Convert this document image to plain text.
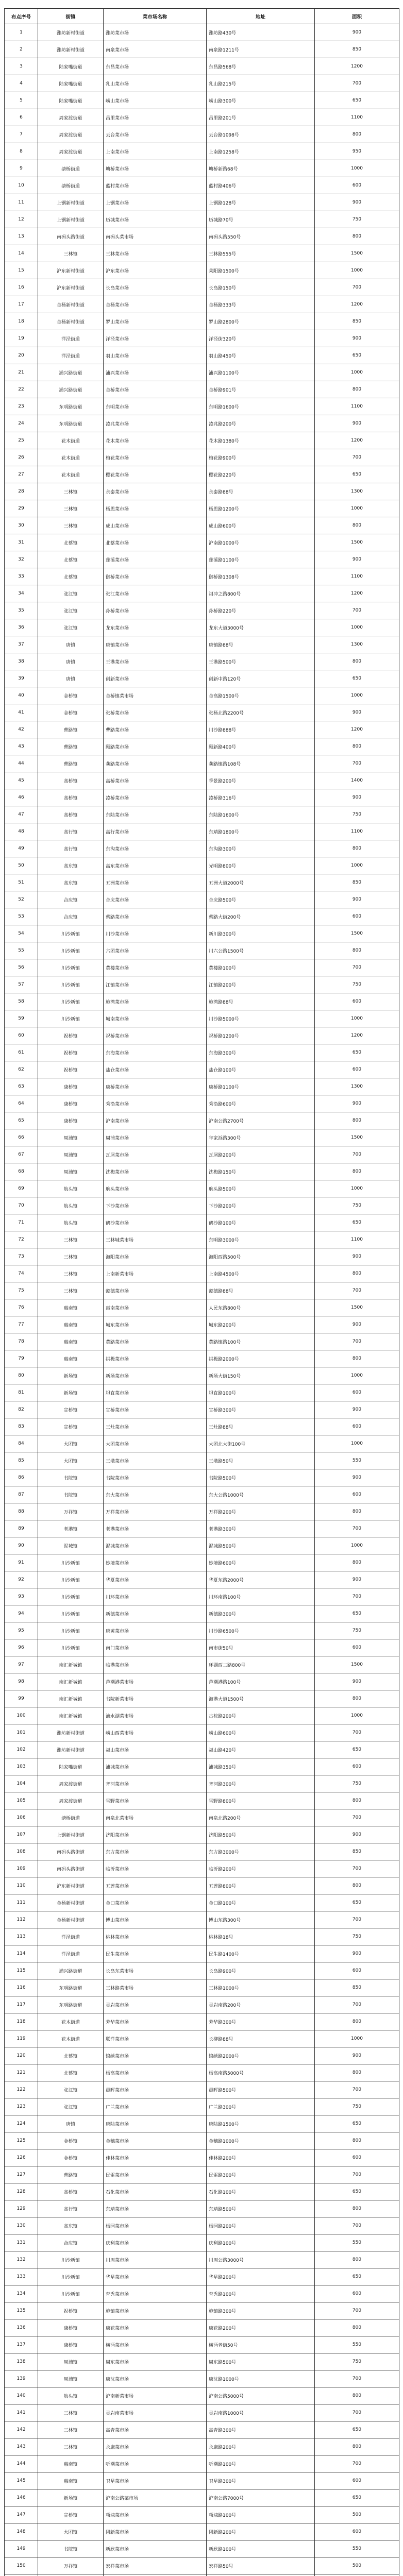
布点序号	街镇	菜市场名称	地址	面积
1	潍坊新村街道	潍坊菜市场	潍坊路430号	900
2	潍坊新村街道	南泉菜市场	南泉路1211号	850
3	陆家嘴街道	东昌菜市场	东昌路568号	1200
4	陆家嘴街道	乳山菜市场	乳山路215号	700
5	陆家嘴街道	崂山菜市场	崂山路300号	650
6	周家渡街道	昌里菜市场	昌里路201号	1100
7	周家渡街道	云台菜市场	云台路1098号	800
8	周家渡街道	上南菜市场	上南路1258号	950
9	塘桥街道	塘桥菜市场	塘桥新路68号	1000
10	塘桥街道	蓝村菜市场	蓝村路406号	600
11	上钢新村街道	上钢菜市场	上钢路128号	900
12	上钢新村街道	历城菜市场	历城路70号	750
13	南码头路街道	南码头菜市场	南码头路550号	800
14	三林镇	三林菜市场	三林路555号	1500
15	沪东新村街道	沪东菜市场	莱阳路1500号	1000
16	沪东新村街道	长岛菜市场	长岛路150号	700
17	金杨新村街道	金杨菜市场	金杨路333号	1200
18	金杨新村街道	罗山菜市场	罗山路2800号	850
19	洋泾街道	洋泾菜市场	洋泾街320号	900
20	洋泾街道	羽山菜市场	羽山路450号	650
21	浦兴路街道	浦兴菜市场	浦兴路1100号	1000
22	浦兴路街道	金桥菜市场	金桥路901号	800
23	东明路街道	东明菜市场	东明路1600号	1100
24	东明路街道	凌兆菜市场	凌兆路200号	900
25	花木街道	花木菜市场	花木路1380号	1200
26	花木街道	梅花菜市场	梅花路900号	700
27	花木街道	樱花菜市场	樱花路220号	650
28	三林镇	永泰菜市场	永泰路88号	1300
29	三林镇	杨思菜市场	杨思路1200号	1000
30	三林镇	成山菜市场	成山路600号	800
31	北蔡镇	北蔡菜市场	沪南路1000号	1500
32	北蔡镇	莲溪菜市场	莲溪路1100号	900
33	北蔡镇	御桥菜市场	御桥路1308号	1100
34	张江镇	张江菜市场	祖冲之路800号	1200
35	张江镇	孙桥菜市场	孙桥路220号	700
36	张江镇	龙东菜市场	龙东大道3000号	1000
37	唐镇	唐镇菜市场	唐镇路88号	1300
38	唐镇	王港菜市场	王港路500号	800
39	唐镇	创新菜市场	创新中路120号	650
40	金桥镇	金桥镇菜市场	金高路1500号	1000
41	金桥镇	张桥菜市场	张杨北路2200号	900
42	曹路镇	曹路菜市场	川沙路888号	1200
43	曹路镇	顾路菜市场	顾新路400号	800
44	曹路镇	龚路菜市场	龚路镇路108号	700
45	高桥镇	高桥菜市场	季景路200号	1400
46	高桥镇	凌桥菜市场	凌桥路316号	900
47	高桥镇	东陆菜市场	东陆路1600号	750
48	高行镇	高行菜市场	东靖路1800号	1100
49	高行镇	东沟菜市场	东沟路300号	800
50	高东镇	高东菜市场	光明路800号	1000
51	高东镇	五洲菜市场	五洲大道2000号	850
52	合庆镇	合庆菜市场	合庆路500号	900
53	合庆镇	蔡路菜市场	蔡路大街200号	600
54	川沙新镇	川沙菜市场	新川路300号	1500
55	川沙新镇	六团菜市场	川六公路1500号	800
56	川沙新镇	黄楼菜市场	黄楼路100号	700
57	川沙新镇	江镇菜市场	江镇路200号	750
58	川沙新镇	施湾菜市场	施湾路88号	600
59	川沙新镇	城南菜市场	川沙路5000号	1000
60	祝桥镇	祝桥菜市场	祝桥路1200号	1200
61	祝桥镇	东海菜市场	东海路300号	650
62	祝桥镇	盐仓菜市场	盐仓路100号	600
63	康桥镇	康桥菜市场	康桥路1100号	1300
64	康桥镇	秀沿菜市场	秀沿路600号	900
65	康桥镇	沪南菜市场	沪南公路2700号	800
66	周浦镇	周浦菜市场	年家浜路300号	1500
67	周浦镇	瓦屑菜市场	瓦屑路200号	700
68	周浦镇	沈梅菜市场	沈梅路150号	800
69	航头镇	航头菜市场	航头路500号	1000
70	航头镇	下沙菜市场	下沙路200号	750
71	航头镇	鹤沙菜市场	鹤沙路100号	650
72	三林镇	三林城菜市场	东明路3000号	1100
73	三林镇	海阳菜市场	海阳西路500号	900
74	三林镇	上南新菜市场	上南路4500号	800
75	三林镇	懿德菜市场	懿德路88号	700
76	惠南镇	惠南菜市场	人民东路800号	1500
77	惠南镇	城东菜市场	城东路200号	900
78	惠南镇	黄路菜市场	黄路镇路100号	700
79	惠南镇	拱极菜市场	拱极路2000号	800
80	新场镇	新场菜市场	新场大街150号	1000
81	新场镇	坦直菜市场	坦直路100号	600
82	宣桥镇	宣桥菜市场	宣桥路300号	900
83	宣桥镇	三灶菜市场	三灶路88号	600
84	大团镇	大团菜市场	大团北大街100号	1000
85	大团镇	三墩菜市场	三墩路50号	550
86	书院镇	书院菜市场	书院路500号	900
87	书院镇	东大菜市场	东大公路1000号	600
88	万祥镇	万祥菜市场	万祥路200号	800
89	老港镇	老港菜市场	老港路300号	700
90	泥城镇	泥城菜市场	泥城路500号	1000
91	川沙新镇	妙境菜市场	妙境路600号	800
92	川沙新镇	华夏菜市场	华夏东路2000号	900
93	川沙新镇	川环菜市场	川环南路100号	700
94	川沙新镇	新德菜市场	新德路300号	650
95	川沙新镇	唐黄菜市场	川沙路6500号	750
96	川沙新镇	南门菜市场	南市街50号	600
97	南汇新城镇	临港菜市场	环湖西二路800号	1500
98	南汇新城镇	芦潮港菜市场	芦潮港路100号	900
99	南汇新城镇	书院新菜市场	海港大道1500号	800
100	南汇新城镇	滴水湖菜市场	古棕路200号	1000
101	潍坊新村街道	崂山西菜市场	崂山路600号	700
102	潍坊新村街道	福山菜市场	福山路420号	650
103	陆家嘴街道	浦城菜市场	浦城路350号	600
104	周家渡街道	齐河菜市场	齐河路300号	750
105	周家渡街道	雪野菜市场	雪野路800号	800
106	塘桥街道	南泉北菜市场	南泉北路200号	700
107	上钢新村街道	济阳菜市场	济阳路500号	900
108	南码头路街道	东方菜市场	东方路3000号	850
109	南码头路街道	临沂菜市场	临沂路200号	700
110	沪东新村街道	五莲菜市场	五莲路800号	800
111	金杨新村街道	金口菜市场	金口路100号	650
112	金杨新村街道	博山菜市场	博山东路300号	700
113	洋泾街道	桃林菜市场	桃林路18号	750
114	洋泾街道	民生菜市场	民生路1400号	900
115	浦兴路街道	长岛东菜市场	长岛路900号	600
116	东明路街道	三林路菜市场	三林路1000号	850
117	东明路街道	灵岩菜市场	灵岩南路200号	700
118	花木街道	芳华菜市场	芳华路300号	800
119	花木街道	联洋菜市场	长柳路88号	1000
120	北蔡镇	锦绣菜市场	锦绣路2000号	900
121	北蔡镇	杨高菜市场	杨高南路5000号	800
122	张江镇	晨晖菜市场	晨晖路500号	700
123	张江镇	广兰菜市场	广兰路300号	750
124	唐镇	唐陆菜市场	唐陆路1500号	650
125	金桥镇	金穗菜市场	金穗路1000号	800
126	金桥镇	佳林菜市场	佳林路200号	600
127	曹路镇	民雷菜市场	民雷路300号	700
128	高桥镇	石化菜市场	石化路100号	650
129	高行镇	东靖菜市场	东靖路500号	800
130	高东镇	杨园菜市场	杨园路200号	700
131	合庆镇	庆利菜市场	庆利路100号	550
132	川沙新镇	川周菜市场	川周公路3000号	800
133	川沙新镇	华星菜市场	华星路200号	650
134	川沙新镇	育秀菜市场	育秀路100号	600
135	祝桥镇	施镇菜市场	施镇路300号	700
136	康桥镇	康花菜市场	康花路200号	800
137	康桥镇	横沔菜市场	横沔老街50号	550
138	周浦镇	周东菜市场	周东路500号	750
139	周浦镇	康沈菜市场	康沈路1000号	700
140	航头镇	沪南新菜市场	沪南公路5000号	800
141	三林镇	灵岩南菜市场	灵岩南路1000号	700
142	三林镇	高青菜市场	高青路300号	650
143	三林镇	永康菜市场	永康路200号	800
144	惠南镇	听潮菜市场	听潮路100号	700
145	惠南镇	卫星菜市场	卫星路300号	600
146	新场镇	沪南公路菜市场	沪南公路7000号	650
147	宣桥镇	项埭菜市场	项埭路100号	500
148	大团镇	团新菜市场	团新路200号	600
149	书院镇	新欣菜市场	新欣路100号	550
150	万祥镇	宏祥菜市场	宏祥路50号	500
